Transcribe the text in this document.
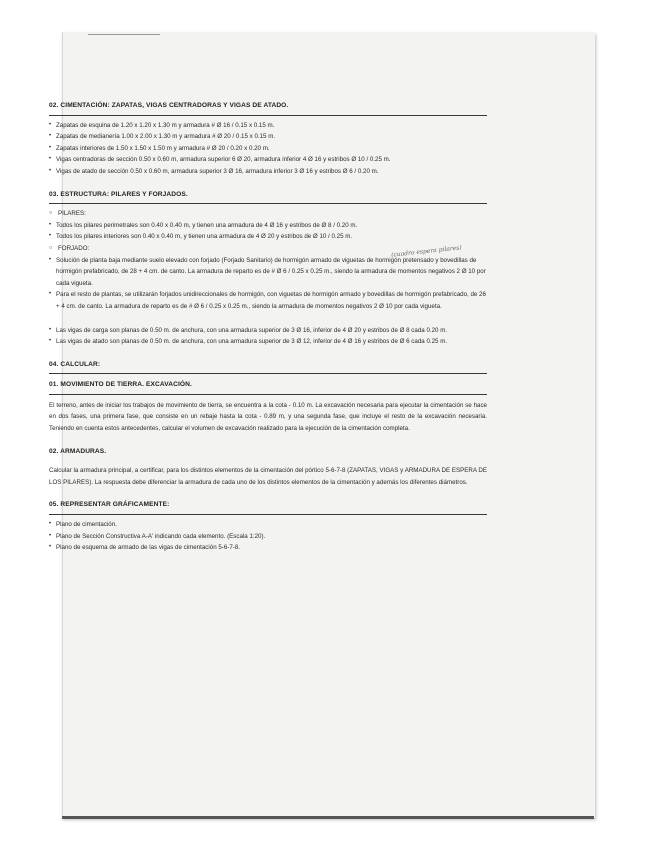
(cuadro espera pilares)
02. CIMENTACIÓN: ZAPATAS, VIGAS CENTRADORAS Y VIGAS DE ATADO.
• Zapatas de esquina de 1.20 x 1.20 x 1.30 m y armadura # Ø 16 / 0.15 x 0.15 m.
• Zapatas de medianería 1.00 x 2.00 x 1.30 m y armadura # Ø 20 / 0.15 x 0.15 m.
• Zapatas interiores de 1.50 x 1.50 x 1.50 m y armadura # Ø 20 / 0.20 x 0.20 m.
• Vigas centradoras de sección 0.50 x 0.60 m, armadura superior 6 Ø 20, armadura inferior 4 Ø 16 y estribos Ø 10 / 0.25 m.
• Vigas de atado de sección 0.50 x 0.60 m, armadura superior 3 Ø 16, armadura inferior 3 Ø 16 y estribos Ø 6 / 0.20 m.
03. ESTRUCTURA: PILARES Y FORJADOS.
○ PILARES:
• Todos los pilares perimetrales son 0.40 x 0.40 m, y tienen una armadura de 4 Ø 16 y estribos de Ø 8 / 0.20 m.
• Todos los pilares interiores son 0.40 x 0.40 m, y tienen una armadura de 4 Ø 20 y estribos de Ø 10 / 0.25 m.
○ FORJADO:
• Solución de planta baja mediante suelo elevado con forjado (Forjado Sanitario) de hormigón armado de viguetas de hormigón pretensado y bovedillas de hormigón prefabricado, de 28 + 4 cm. de canto. La armadura de reparto es de # Ø 6 / 0.25 x 0.25 m., siendo la armadura de momentos negativos 2 Ø 10 por cada vigueta.
• Para el resto de plantas, se utilizarán forjados unidireccionales de hormigón, con viguetas de hormigón armado y bovedillas de hormigón prefabricado, de 26 + 4 cm. de canto. La armadura de reparto es de # Ø 6 / 0.25 x 0.25 m., siendo la armadura de momentos negativos 2 Ø 10 por cada vigueta.
• Las vigas de carga son planas de 0.50 m. de anchura, con una armadura superior de 3 Ø 16, inferior de 4 Ø 20 y estribos de Ø 8 cada 0.20 m.
• Las vigas de atado son planas de 0.50 m. de anchura, con una armadura superior de 3 Ø 12, inferior de 4 Ø 16 y estribos de Ø 6 cada 0.25 m.
04. CALCULAR:
01. MOVIMIENTO DE TIERRA. EXCAVACIÓN.

El terreno, antes de iniciar los trabajos de movimiento de tierra, se encuentra a la cota - 0.10 m. La excavación necesaria para ejecutar la cimentación se hace en dos fases, una primera fase, que consiste en un rebaje hasta la cota - 0.89 m, y una segunda fase, que incluye el resto de la excavación necesaria. Teniendo en cuenta estos antecedentes, calcular el volumen de excavación realizado para la ejecución de la cimentación completa.

02. ARMADURAS.

Calcular la armadura principal, a certificar, para los distintos elementos de la cimentación del pórtico 5-6-7-8 (ZAPATAS, VIGAS y ARMADURA DE ESPERA DE LOS PILARES). La respuesta debe diferenciar la armadura de cada uno de los distintos elementos de la cimentación y además los diferentes diámetros.

05. REPRESENTAR GRÁFICAMENTE:
• Plano de cimentación.
• Plano de Sección Constructiva A-A' indicando cada elemento. (Escala 1:20).
• Plano de esquema de armado de las vigas de cimentación 5-6-7-8.
